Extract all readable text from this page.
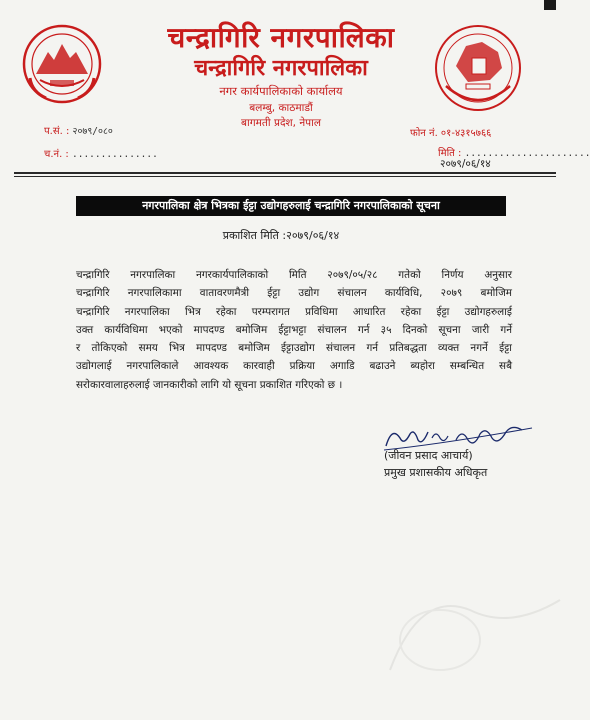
चन्द्रागिरि नगरपालिका
चन्द्रागिरि नगरपालिका
नगर कार्यपालिकाको कार्यालय
बलम्बु, काठमाडौं
बागमती प्रदेश, नेपाल
प.सं. : २०७९/०८०
च.नं. : ...............
फोन नं. ०१-४३१५७६६
मिति : ......................
२०७९/०६/१४
नगरपालिका क्षेत्र भित्रका ईट्टा उद्योगहरुलाई चन्द्रागिरि नगरपालिकाको सूचना
प्रकाशित मिति :२०७९/०६/१४
चन्द्रागिरि नगरपालिका नगरकार्यपालिकाको मिति २०७९/०५/२८ गतेको निर्णय अनुसार
चन्द्रागिरि नगरपालिकामा वातावरणमैत्री ईट्टा उद्योग संचालन कार्यविधि, २०७९ बमोजिम
चन्द्रागिरि नगरपालिका भित्र रहेका परम्परागत प्रविधिमा आधारित रहेका ईट्टा उद्योगहरुलाई
उक्त कार्यविधिमा भएको मापदण्ड बमोजिम ईट्टाभट्टा संचालन गर्न ३५ दिनको सूचना जारी गर्ने
र तोकिएको समय भित्र मापदण्ड बमोजिम ईट्टाउद्योग संचालन गर्न प्रतिबद्धता व्यक्त नगर्ने ईट्टा
उद्योगलाई नगरपालिकाले आवश्यक कारवाही प्रक्रिया अगाडि बढाउने ब्यहोरा सम्बन्धित सबै
सरोकारवालाहरुलाई जानकारीको लागि यो सूचना प्रकाशित गरिएको छ ।
(जीवन प्रसाद आचार्य)
प्रमुख प्रशासकीय अधिकृत
